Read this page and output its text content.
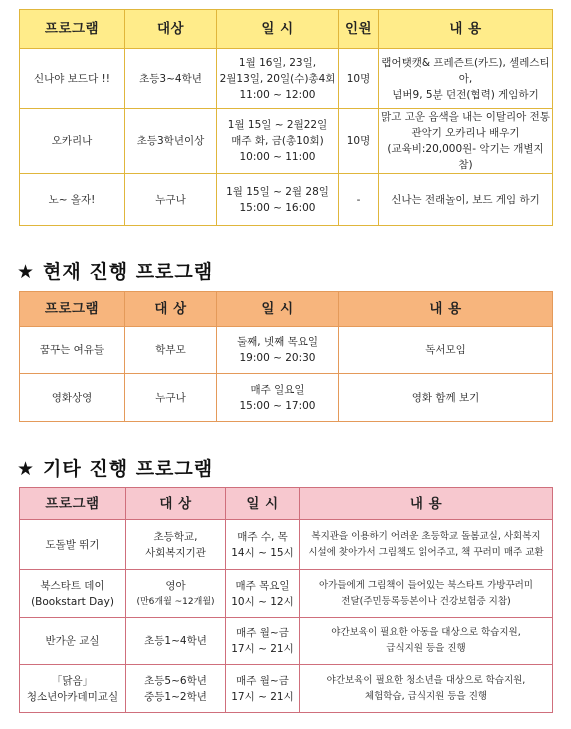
프로그램	대상	일 시	인원	내 용
신나야 보드다 !!	초등3~4학년	1월 16일, 23일,
2월13일, 20일(수)총4회
11:00 ~ 12:00	10명	랩어탯캣& 프레즌트(카드), 셀레스티아,
넘버9, 5분 던전(협력) 게임하기

오카리나	초등3학년이상	1월 15일 ~ 2월22일
매주 화, 금(총10회)
10:00 ~ 11:00	10명	맑고 고운 음색을 내는 이탈리아 전통
관악기 오카리나 배우기
(교육비:20,000원- 악기는 개별지참)

노~ 올자!	누구나	1월 15일 ~ 2월 28일
15:00 ~ 16:00	-	신나는 전래놀이, 보드 게임 하기
★ 현재 진행 프로그램
프로그램	대 상	일 시	내 용
꿈꾸는 여유들	학부모	둘째, 넷째 목요일
19:00 ~ 20:30	독서모임
영화상영	누구나	매주 일요일
15:00 ~ 17:00	영화 함께 보기
★ 기타 진행 프로그램
프로그램	대 상	일 시	내 용

도돌발 뛰기	초등학교,
사회복지기관	매주 수, 목
14시 ~ 15시	복지관을 이용하기 어려운 초등학교 돌봄교실, 사회복지
시설에 찾아가서 그림책도 읽어주고, 책 꾸러미 매주 교환

북스타트 데이
(Bookstart Day)	영아
(만6개월 ~12개월)	매주 목요일
10시 ~ 12시	아가들에게 그림책이 들어있는 북스타트 가방꾸러미
전달(주민등록등본이나 건강보험증 지참)

반가운 교실	초등1~4학년	매주 월~금
17시 ~ 21시	야간보육이 필요한 아동을 대상으로 학습지원,
급식지원 등을 진행

「닭음」
청소년아카데미교실	초등5~6학년
중등1~2학년	매주 월~금
17시 ~ 21시	야간보육이 필요한 청소년을 대상으로 학습지원,
체험학습, 급식지원 등을 진행
